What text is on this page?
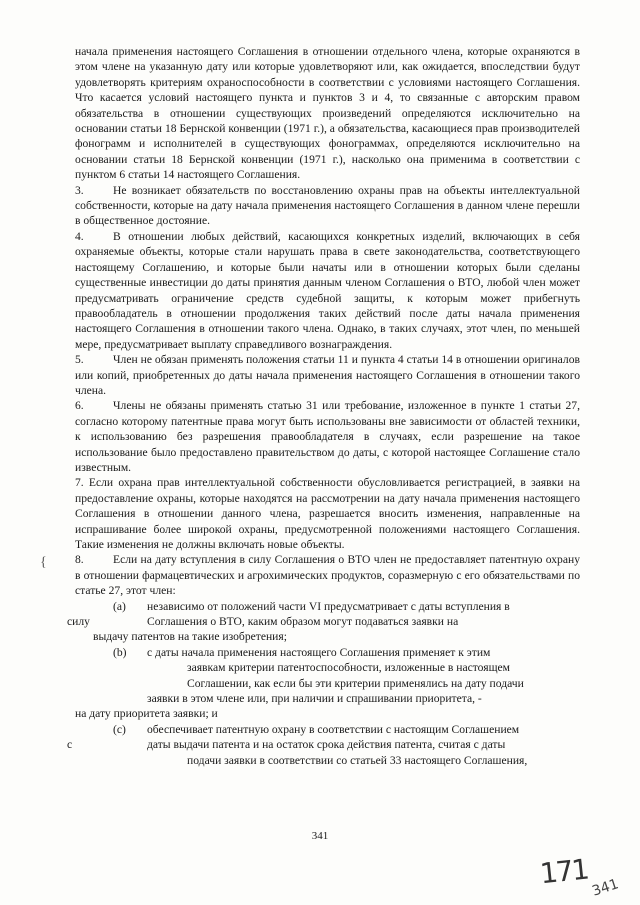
начала применения настоящего Соглашения в отношении отдельного члена, которые охраняются в этом члене на указанную дату или которые удовлетворяют или, как ожидается, впоследствии будут удовлетворять критериям охраноспособности в соответствии с условиями настоящего Соглашения. Что касается условий настоящего пункта и пунктов 3 и 4, то связанные с авторским правом обязательства в отношении существующих произведений определяются исключительно на основании статьи 18 Бернской конвенции (1971 г.), а обязательства, касающиеся прав производителей фонограмм и исполнителей в существующих фонограммах, определяются исключительно на основании статьи 18 Бернской конвенции (1971 г.), насколько она применима в соответствии с пунктом 6 статьи 14 настоящего Соглашения.

3.	Не возникает обязательств по восстановлению охраны прав на объекты интеллектуальной собственности, которые на дату начала применения настоящего Соглашения в данном члене перешли в общественное достояние.

4.	В отношении любых действий, касающихся конкретных изделий, включающих в себя охраняемые объекты, которые стали нарушать права в свете законодательства, соответствующего настоящему Соглашению, и которые были начаты или в отношении которых были сделаны существенные инвестиции до даты принятия данным членом Соглашения о ВТО, любой член может предусматривать ограничение средств судебной защиты, к которым может прибегнуть правообладатель в отношении продолжения таких действий после даты начала применения настоящего Соглашения в отношении такого члена. Однако, в таких случаях, этот член, по меньшей мере, предусматривает выплату справедливого вознаграждения.

5.	Член не обязан применять положения статьи 11 и пункта 4 статьи 14 в отношении оригиналов или копий, приобретенных до даты начала применения настоящего Соглашения в отношении такого члена.

6.	Члены не обязаны применять статью 31 или требование, изложенное в пункте 1 статьи 27, согласно которому патентные права могут быть использованы вне зависимости от областей техники, к использованию без разрешения правообладателя в случаях, если разрешение на такое использование было предоставлено правительством до даты, с которой настоящее Соглашение стало известным.

7. Если охрана прав интеллектуальной собственности обусловливается регистрацией, в заявки на предоставление охраны, которые находятся на рассмотрении на дату начала применения настоящего Соглашения в отношении данного члена, разрешается вносить изменения, направленные на испрашивание более широкой охраны, предусмотренной положениями настоящего Соглашения. Такие изменения не должны включать новые объекты.

8.	Если на дату вступления в силу Соглашения о ВТО член не предоставляет патентную охрану в отношении фармацевтических и агрохимических продуктов, соразмерную с его обязательствами по статье 27, этот член:

(a)	независимо от положений части VI предусматривает с даты вступления в
силу	Соглашения о ВТО, каким образом могут подаваться заявки на
выдачу патентов на такие изобретения;
(b)	с даты начала применения настоящего Соглашения применяет к этим
заявкам критерии патентоспособности, изложенные в настоящем
Соглашении, как если бы эти критерии применялись на дату подачи
заявки в этом члене или, при наличии и спрашивании приоритета, -
на дату приоритета заявки; и
(c)	обеспечивает патентную охрану в соответствии с настоящим Соглашением
с	даты выдачи патента и на остаток срока действия патента, считая с даты
подачи заявки в соответствии со статьей 33 настоящего Соглашения,
{
341
171 341
